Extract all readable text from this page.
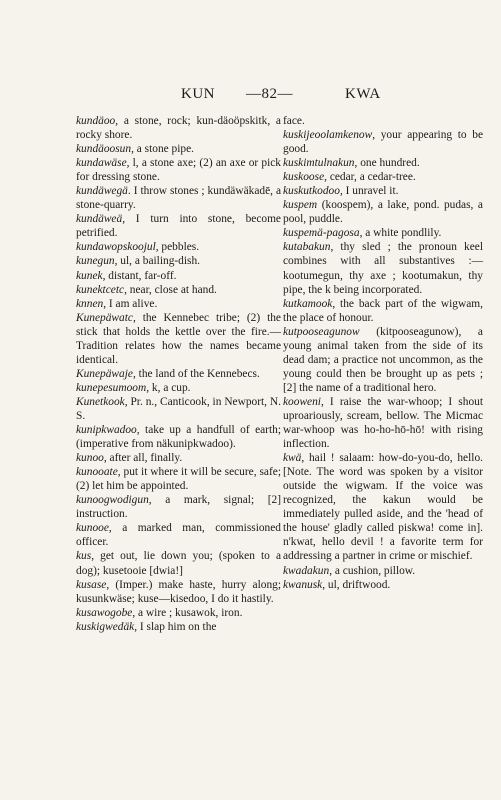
KUN —82—	KWA

kundäoo, a stone, rock; kun-däoöpskitk, a rocky shore.

kundäoosun, a stone pipe.

kundawäse, l, a stone axe; (2) an axe or pick for dressing stone.

kundäwegä. I throw stones ; kundäwäkadē, a stone-quarry.

kundäweä, I turn into stone, become petrified.

kundawopskoojul, pebbles.

kunegun, ul, a bailing-dish.

kunek, distant, far-off.

kunektcetc, near, close at hand.

knnen, I am alive.

Kunepäwatc, the Kennebec tribe; (2) the stick that holds the kettle over the fire.—Tradition relates how the names became identical.

Kunepäwaje, the land of the Kennebecs.

kunepesumoom, k, a cup.

Kunetkook, Pr. n., Canticook, in Newport, N. S.

kunipkwadoo, take up a handfull of earth; (imperative from näkunipkwadoo).

kunoo, after all, finally.

kunooate, put it where it will be secure, safe; (2) let him be appointed.

kunoogwodigun, a mark, signal; [2] instruction.

kunooe, a marked man, commissioned officer.

kus, get out, lie down you; (spoken to a dog); kusetooie [dwia!]

kusase, (Imper.) make haste, hurry along; kusunkwäse; kuse—kisedoo, I do it hastily.

kusawogobe, a wire ; kusawok, iron.

kuskigwedäk, I slap him on the

face.

kuskijeoolamkenow, your appearing to be good.

kuskimtulnakun, one hundred.

kuskoose, cedar, a cedar-tree.

kuskutkodoo, I unravel it.

kuspem (koospem), a lake, pond. pudas, a pool, puddle.

kuspemä-pagosa, a white pondlily.

kutabakun, thy sled ; the pronoun keel combines with all substantives :— kootumegun, thy axe ; kootumakun, thy pipe, the k being incorporated.

kutkamook, the back part of the wigwam, the place of honour.

kutpooseagunow (kitpooseagunow), a young animal taken from the side of its dead dam; a practice not uncommon, as the young could then be brought up as pets ; [2] the name of a traditional hero.

kooweni, I raise the war-whoop; I shout uproariously, scream, bellow. The Micmac war-whoop was ho-ho-hō-hō! with rising inflection.

kwä, hail ! salaam: how-do-you-do, hello. [Note. The word was spoken by a visitor outside the wigwam. If the voice was recognized, the kakun would be immediately pulled aside, and the 'head of the house' gladly called piskwa! come in]. n'kwat, hello devil ! a favorite term for addressing a partner in crime or mischief.

kwadakun, a cushion, pillow.

kwanusk, ul, driftwood.
